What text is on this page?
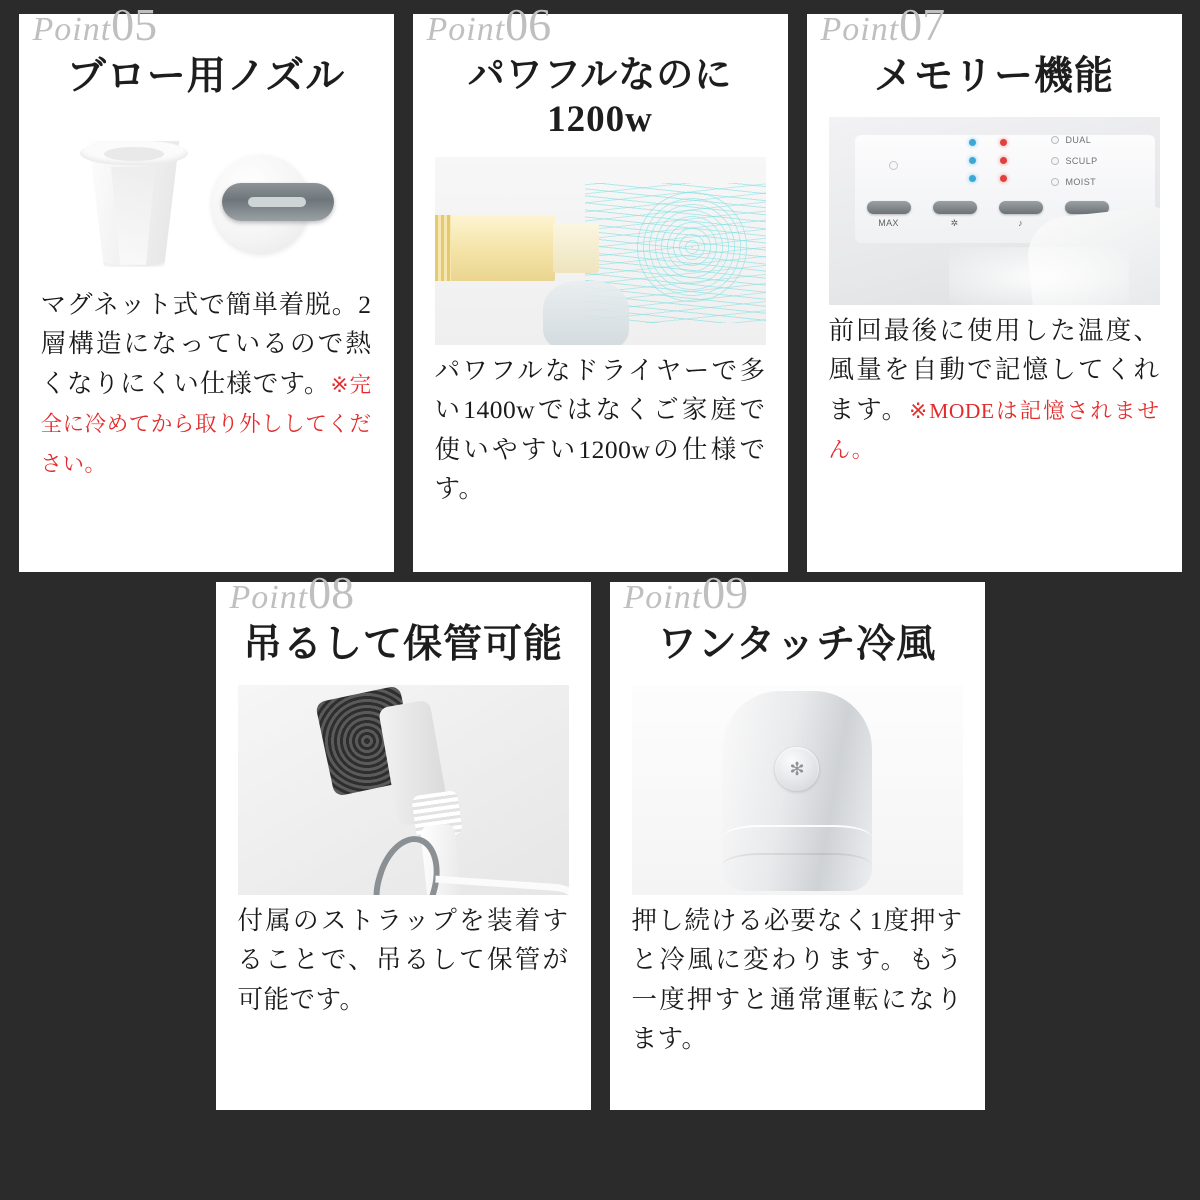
Point05
ブロー用ノズル
マグネット式で簡単着脱。2層構造になっているので熱くなりにくい仕様です。※完全に冷めてから取り外ししてください。
Point06
パワフルなのに
1200w
パワフルなドライヤーで多い1400wではなくご家庭で使いやすい1200wの仕様です。
Point07
メモリー機能
DUAL
SCULP
MOIST
MAX	✲	♪
前回最後に使用した温度、風量を自動で記憶してくれます。※MODEは記憶されません。
Point08
吊るして保管可能
付属のストラップを装着することで、吊るして保管が可能です。
Point09
ワンタッチ冷風
✻
押し続ける必要なく1度押すと冷風に変わります。もう一度押すと通常運転になります。
